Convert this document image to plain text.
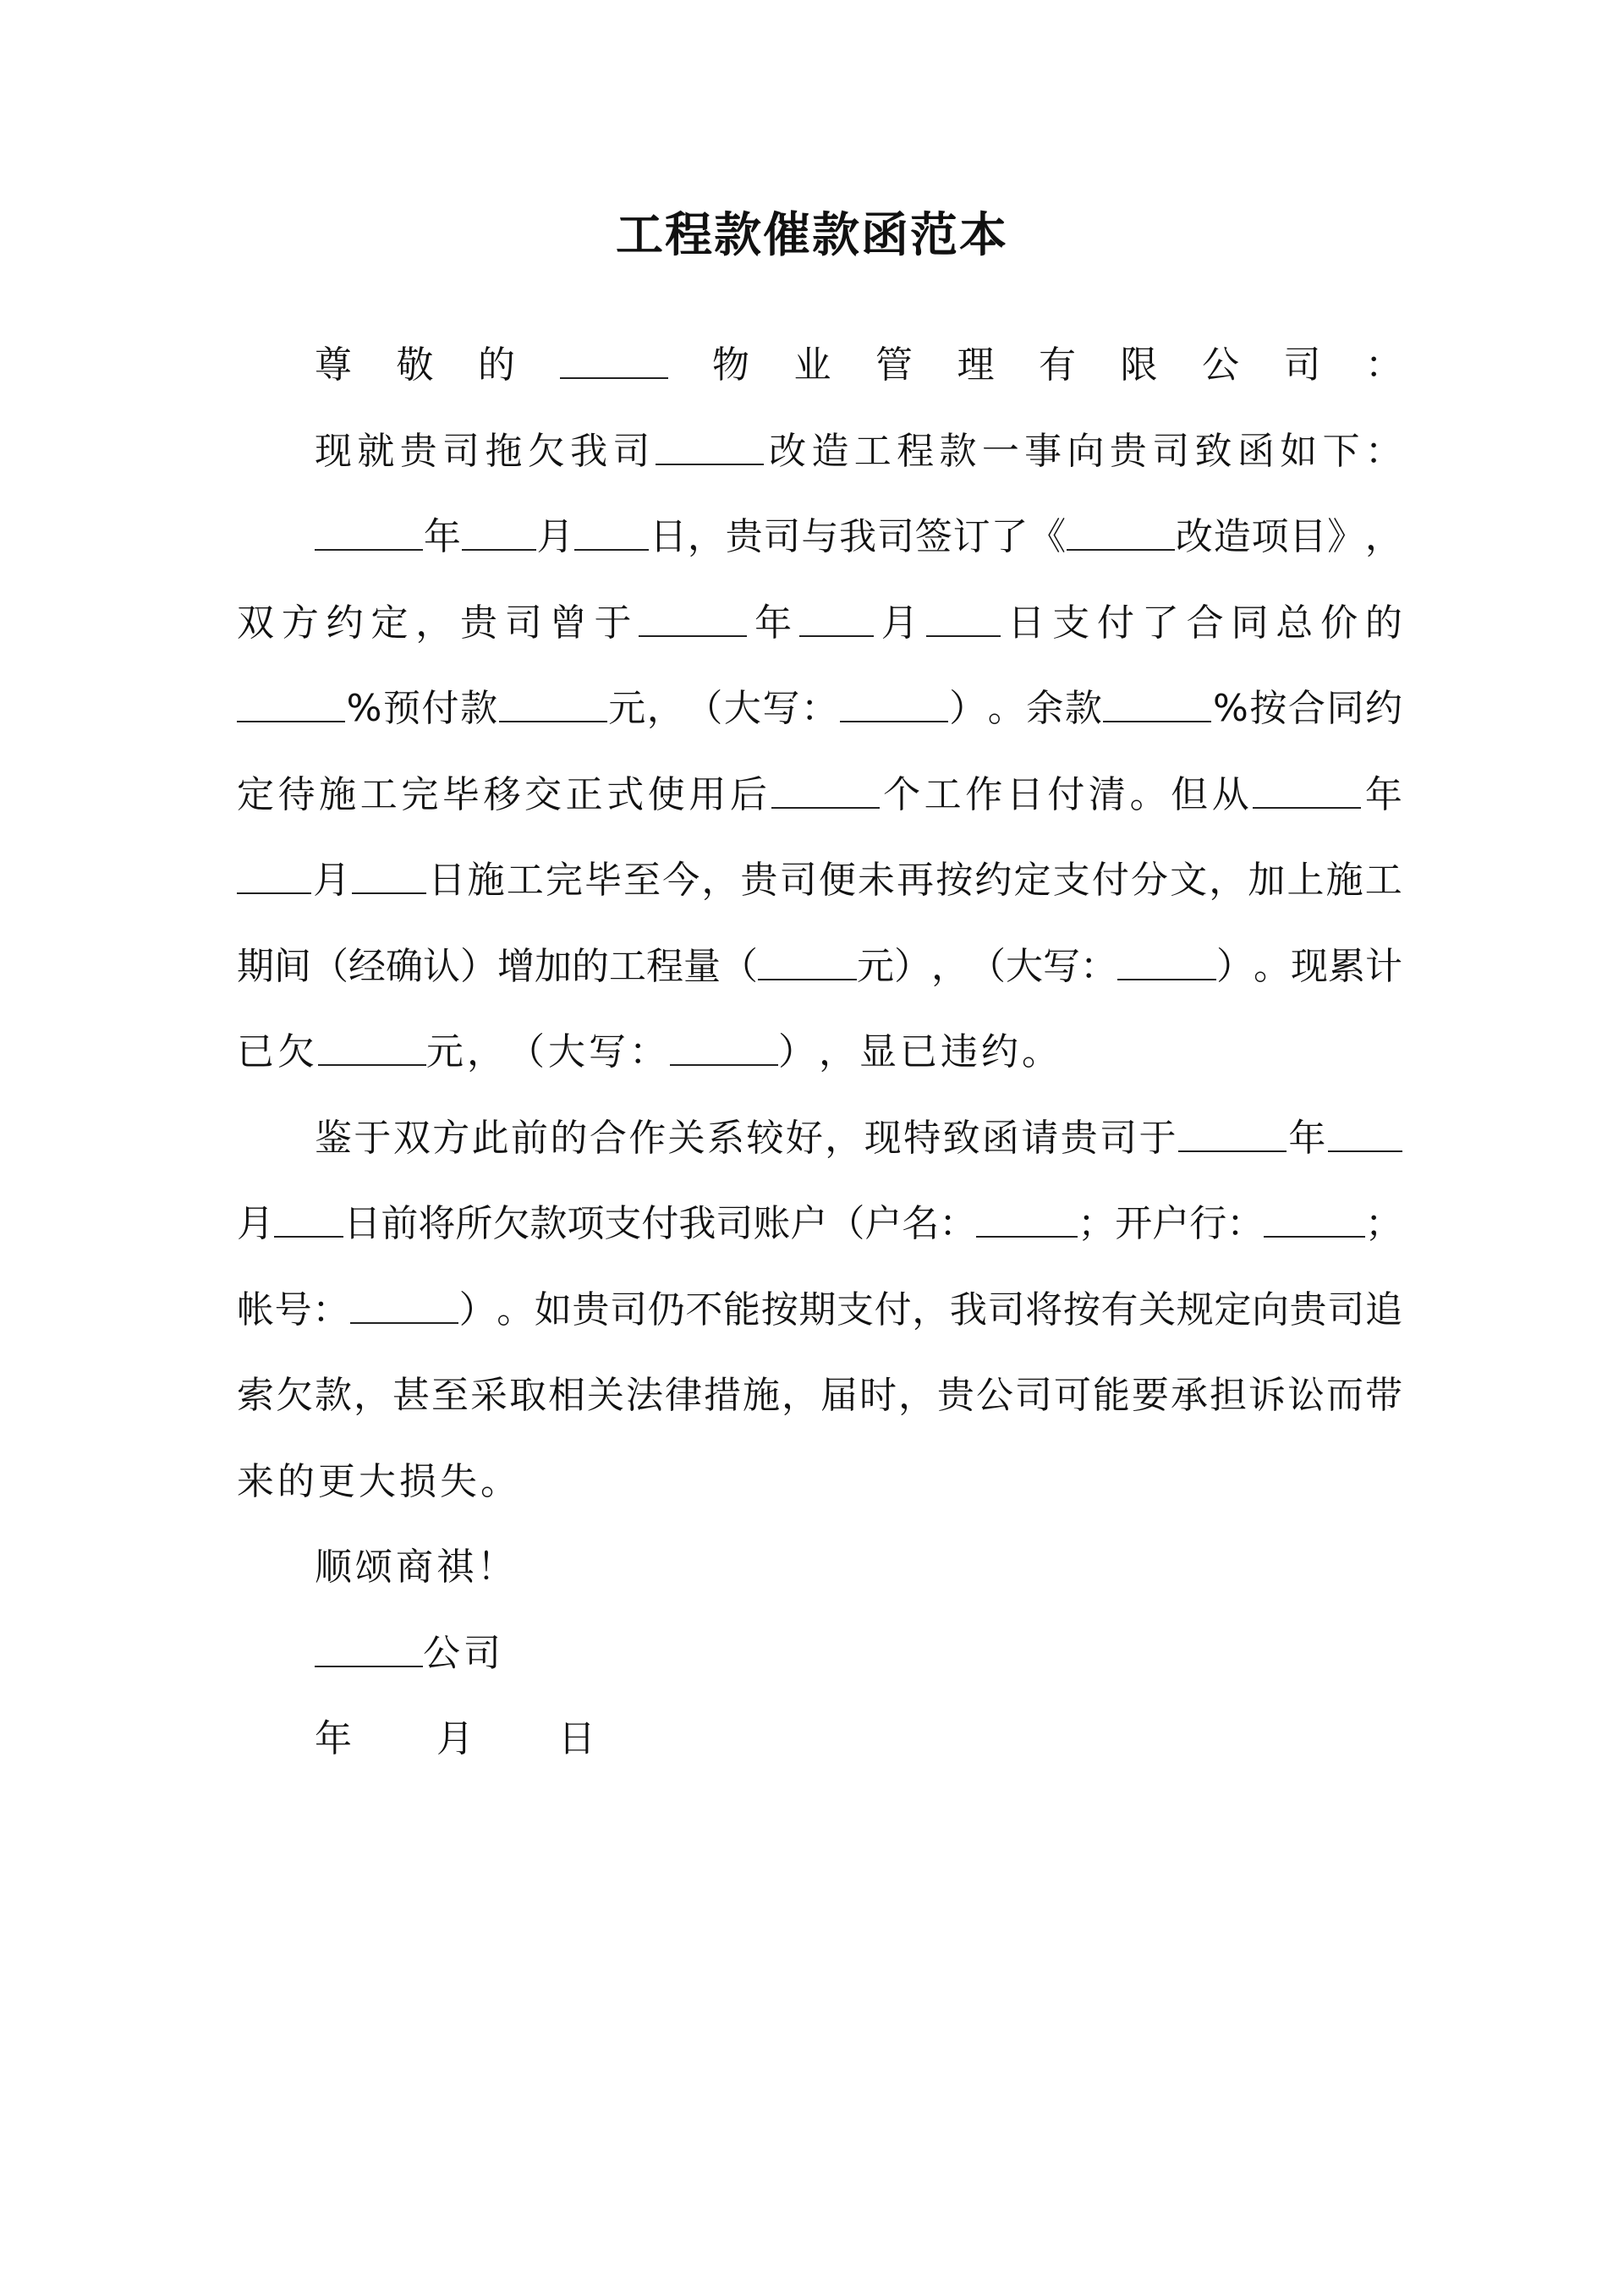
工程款催款函范本
尊 敬 的	物 业 管 理 有 限 公 司 ：
现 就 贵 司 拖 欠 我 司	改 造 工 程 款 一 事 向 贵 司 致 函 如 下 ：
年 月 日 ， 贵 司 与 我 司 签 订 了 《	改 造 项 目 》 ，
双 方 约 定 ， 贵 司 曾 于	年 月 日 支 付 了 合 同 总 价 的
% 预 付 款	元 ， （ 大 写 ：	） 。 余 款	% 按 合 同 约
定 待 施 工 完 毕 移 交 正 式 使 用 后	个 工 作 日 付 清 。 但 从	年
月 日 施 工 完 毕 至 今 ， 贵 司 便 未 再 按 约 定 支 付 分 文 ， 加 上 施 工
期 间 （ 经 确 认 ） 增 加 的 工 程 量 （	元 ） ， （ 大 写 ：	） 。 现 累 计
已 欠	元 ， （ 大 写 ：	） ， 显 已 违 约 。
鉴 于 双 方 此 前 的 合 作 关 系 较 好 ， 现 特 致 函 请 贵 司 于	年
月 日 前 将 所 欠 款 项 支 付 我 司 账 户 （ 户 名 ：	； 开 户 行 ：	；
帐 号 ：	） 。 如 贵 司 仍 不 能 按 期 支 付 ， 我 司 将 按 有 关 规 定 向 贵 司 追
索 欠 款 ， 甚 至 采 取 相 关 法 律 措 施 ， 届 时 ， 贵 公 司 可 能 要 承 担 诉 讼 而 带
来 的 更 大 损 失 。
顺 颂 商 祺 ！
公 司
年

　 月

　 日
